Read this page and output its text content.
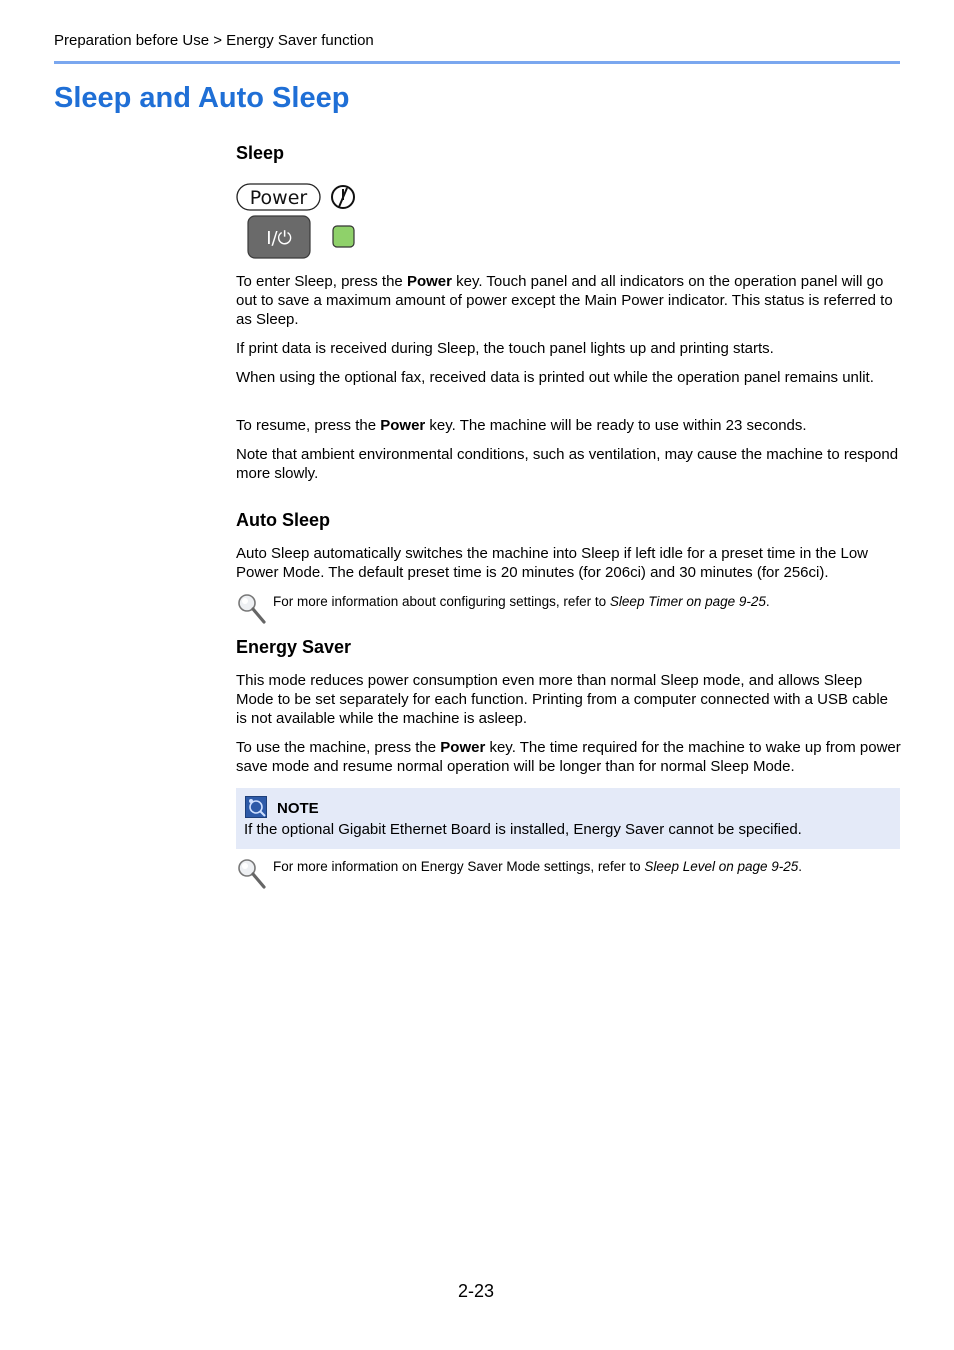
Preparation before Use > Energy Saver function
Sleep and Auto Sleep
Sleep
Power
I/⏻

To enter Sleep, press the Power key. Touch panel and all indicators on the operation panel will go out to save a maximum amount of power except the Main Power indicator. This status is referred to as Sleep.

If print data is received during Sleep, the touch panel lights up and printing starts.

When using the optional fax, received data is printed out while the operation panel remains unlit.

To resume, press the Power key. The machine will be ready to use within 23 seconds.

Note that ambient environmental conditions, such as ventilation, may cause the machine to respond more slowly.

Auto Sleep

Auto Sleep automatically switches the machine into Sleep if left idle for a preset time in the Low Power Mode. The default preset time is 20 minutes (for 206ci) and 30 minutes (for 256ci).

For more information about configuring settings, refer to Sleep Timer on page 9-25.
Energy Saver

This mode reduces power consumption even more than normal Sleep mode, and allows Sleep Mode to be set separately for each function. Printing from a computer connected with a USB cable is not available while the machine is asleep.

To use the machine, press the Power key. The time required for the machine to wake up from power save mode and resume normal operation will be longer than for normal Sleep Mode.

NOTE
If the optional Gigabit Ethernet Board is installed, Energy Saver cannot be specified.
For more information on Energy Saver Mode settings, refer to Sleep Level on page 9-25.
2-23
